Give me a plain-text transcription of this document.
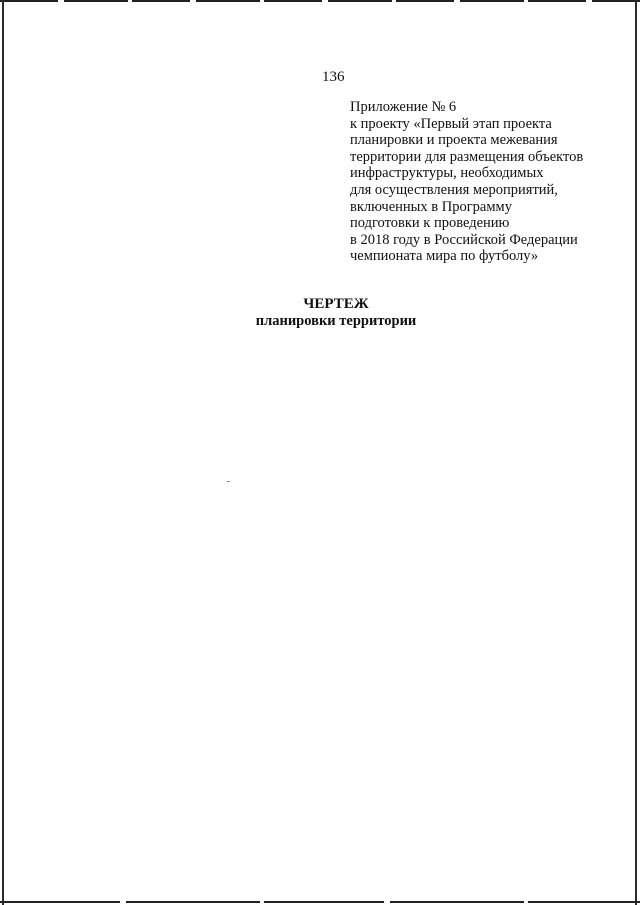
136
Приложение № 6
к проекту «Первый этап проекта
планировки и проекта межевания
территории для размещения объектов
инфраструктуры, необходимых
для осуществления мероприятий,
включенных в Программу
подготовки к проведению
в 2018 году в Российской Федерации
чемпионата мира по футболу»
ЧЕРТЕЖ
планировки территории
